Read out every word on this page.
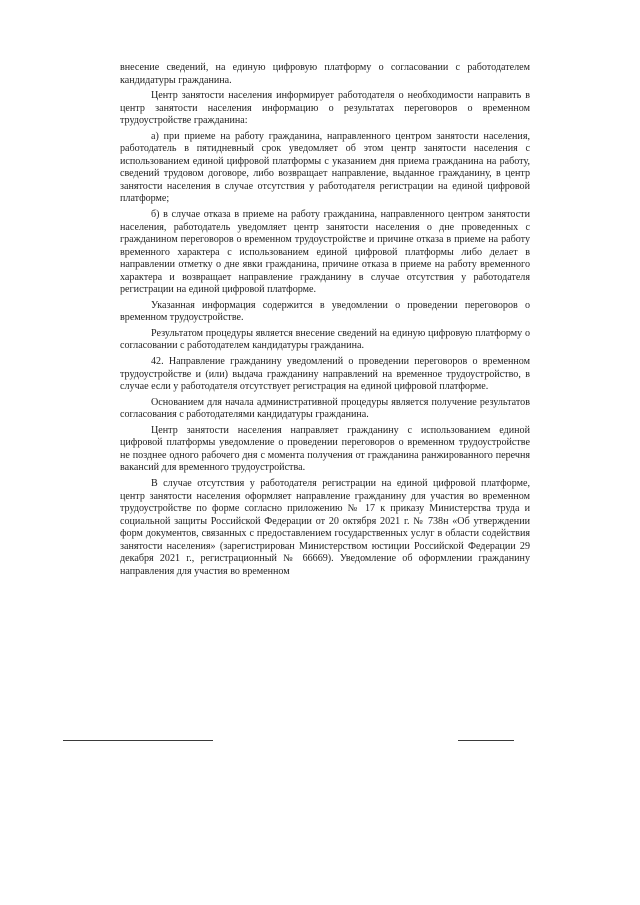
внесение сведений, на единую цифровую платформу о согласовании с работодателем кандидатуры гражданина.

Центр занятости населения информирует работодателя о необходимости направить в центр занятости населения информацию о результатах переговоров о временном трудоустройстве гражданина:

а) при приеме на работу гражданина, направленного центром занятости населения, работодатель в пятидневный срок уведомляет об этом центр занятости населения с использованием единой цифровой платформы с указанием дня приема гражданина на работу, сведений трудовом договоре, либо возвращает направление, выданное гражданину, в центр занятости населения в случае отсутствия у работодателя регистрации на единой цифровой платформе;

б) в случае отказа в приеме на работу гражданина, направленного центром занятости населения, работодатель уведомляет центр занятости населения о дне проведенных с гражданином переговоров о временном трудоустройстве и причине отказа в приеме на работу временного характера с использованием единой цифровой платформы либо делает в направлении отметку о дне явки гражданина, причине отказа в приеме на работу временного характера и возвращает направление гражданину в случае отсутствия у работодателя регистрации на единой цифровой платформе.

Указанная информация содержится в уведомлении о проведении переговоров о временном трудоустройстве.

Результатом процедуры является внесение сведений на единую цифровую платформу о согласовании с работодателем кандидатуры гражданина.

42. Направление гражданину уведомлений о проведении переговоров о временном трудоустройстве и (или) выдача гражданину направлений на временное трудоустройство, в случае если у работодателя отсутствует регистрация на единой цифровой платформе.

Основанием для начала административной процедуры является получение результатов согласования с работодателями кандидатуры гражданина.

Центр занятости населения направляет гражданину с использованием единой цифровой платформы уведомление о проведении переговоров о временном трудоустройстве не позднее одного рабочего дня с момента получения от гражданина ранжированного перечня вакансий для временного трудоустройства.

В случае отсутствия у работодателя регистрации на единой цифровой платформе, центр занятости населения оформляет направление гражданину для участия во временном трудоустройстве по форме согласно приложению № 17 к приказу Министерства труда и социальной защиты Российской Федерации от 20 октября 2021 г. № 738н «Об утверждении форм документов, связанных с предоставлением государственных услуг в области содействия занятости населения» (зарегистрирован Министерством юстиции Российской Федерации 29 декабря 2021 г., регистрационный № 66669). Уведомление об оформлении гражданину направления для участия во временном
